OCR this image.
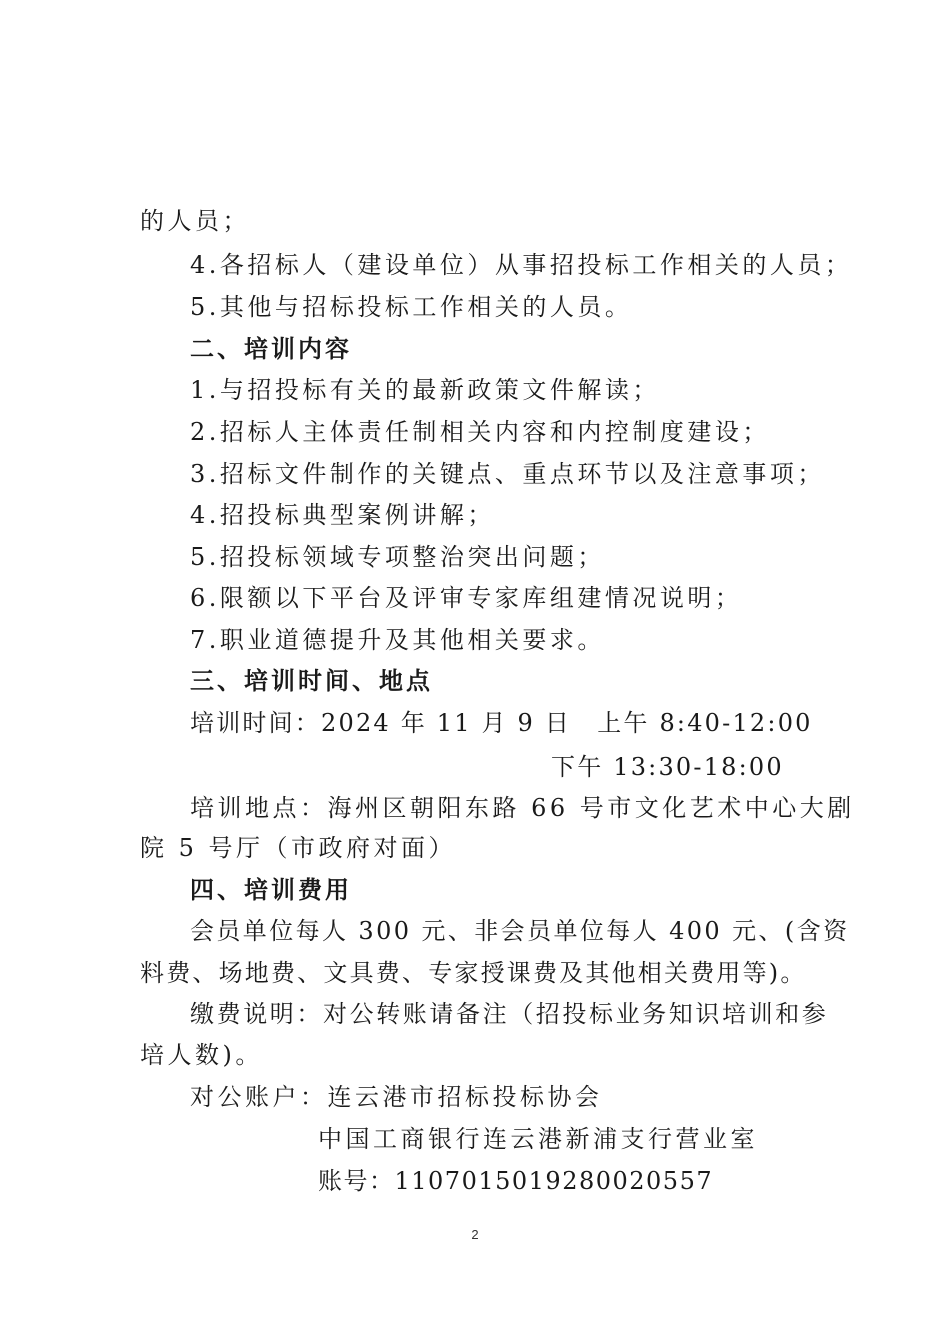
的人员；
4.各招标人（建设单位）从事招投标工作相关的人员；
5.其他与招标投标工作相关的人员。
二、培训内容
1.与招投标有关的最新政策文件解读；
2.招标人主体责任制相关内容和内控制度建设；
3.招标文件制作的关键点、重点环节以及注意事项；
4.招投标典型案例讲解；
5.招投标领域专项整治突出问题；
6.限额以下平台及评审专家库组建情况说明；
7.职业道德提升及其他相关要求。
三、培训时间、地点
培训时间：2024 年 11 月 9 日　上午 8:40-12:00
下午 13:30-18:00
培训地点：海州区朝阳东路 66 号市文化艺术中心大剧
院 5 号厅（市政府对面）
四、培训费用
会员单位每人 300 元、非会员单位每人 400 元、(含资
料费、场地费、文具费、专家授课费及其他相关费用等)。
缴费说明：对公转账请备注（招投标业务知识培训和参
培人数)。
对公账户：连云港市招标投标协会
中国工商银行连云港新浦支行营业室
账号：1107015019280020557
2
